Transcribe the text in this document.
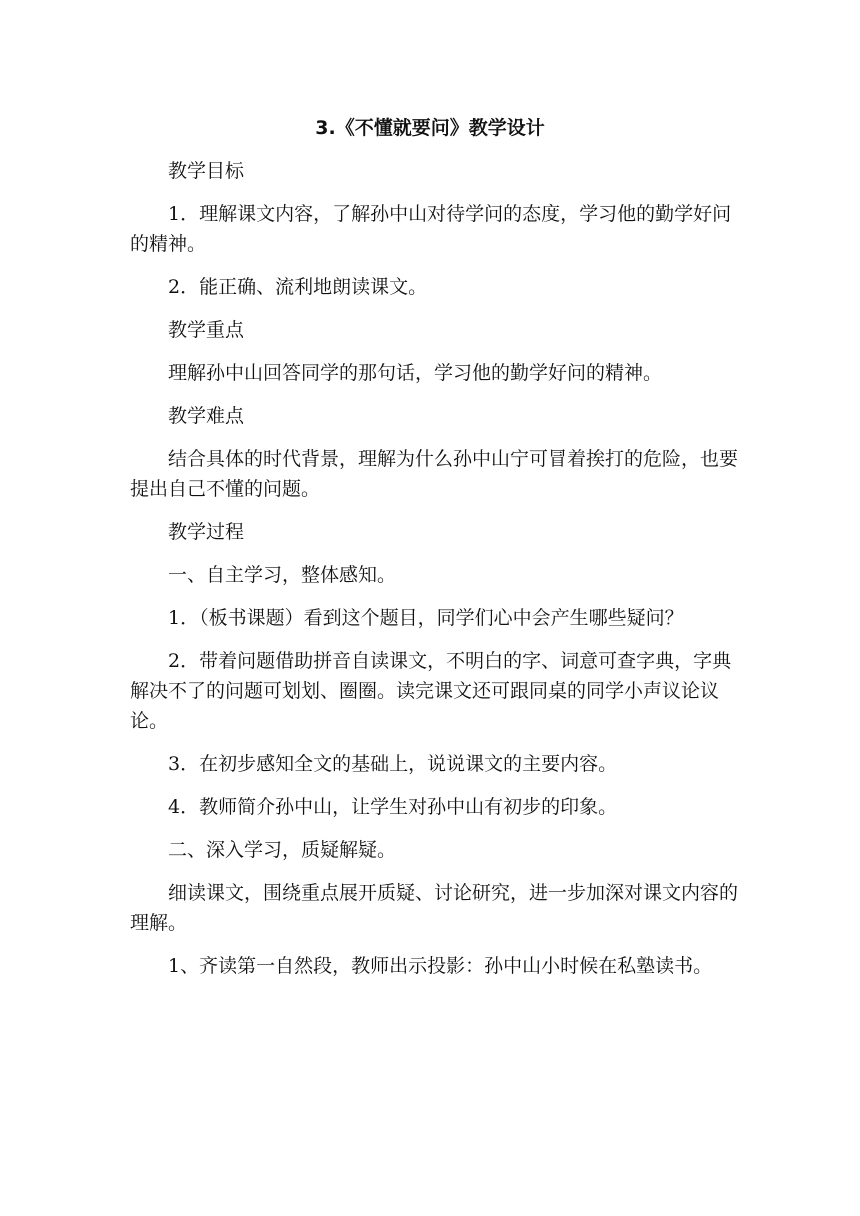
3.《不懂就要问》教学设计

教学目标

1．理解课文内容，了解孙中山对待学问的态度，学习他的勤学好问的精神。

2．能正确、流利地朗读课文。

教学重点

理解孙中山回答同学的那句话，学习他的勤学好问的精神。

教学难点

结合具体的时代背景，理解为什么孙中山宁可冒着挨打的危险，也要提出自己不懂的问题。

教学过程

一、自主学习，整体感知。

1．（板书课题）看到这个题目，同学们心中会产生哪些疑问？

2．带着问题借助拼音自读课文，不明白的字、词意可查字典，字典解决不了的问题可划划、圈圈。读完课文还可跟同桌的同学小声议论议论。

3．在初步感知全文的基础上，说说课文的主要内容。

4．教师简介孙中山，让学生对孙中山有初步的印象。

二、深入学习，质疑解疑。

细读课文，围绕重点展开质疑、讨论研究，进一步加深对课文内容的理解。

1、齐读第一自然段，教师出示投影：孙中山小时候在私塾读书。
